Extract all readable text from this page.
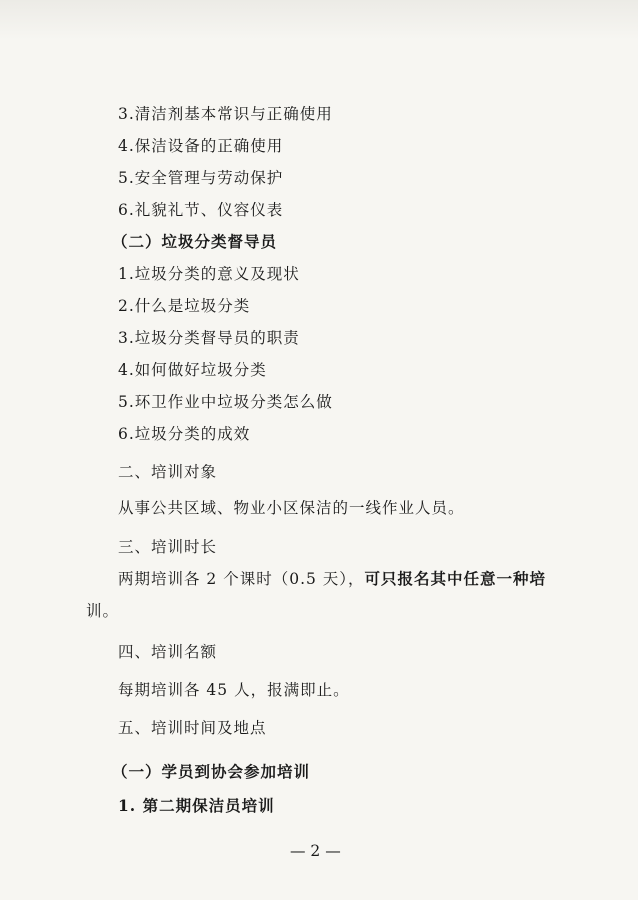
3.清洁剂基本常识与正确使用
4.保洁设备的正确使用
5.安全管理与劳动保护
6.礼貌礼节、仪容仪表
（二）垃圾分类督导员
1.垃圾分类的意义及现状
2.什么是垃圾分类
3.垃圾分类督导员的职责
4.如何做好垃圾分类
5.环卫作业中垃圾分类怎么做
6.垃圾分类的成效
二、培训对象
从事公共区域、物业小区保洁的一线作业人员。
三、培训时长
两期培训各 2 个课时（0.5 天），可只报名其中任意一种培
训。
四、培训名额
每期培训各 45 人，报满即止。
五、培训时间及地点
（一）学员到协会参加培训
1. 第二期保洁员培训
— 2 —
